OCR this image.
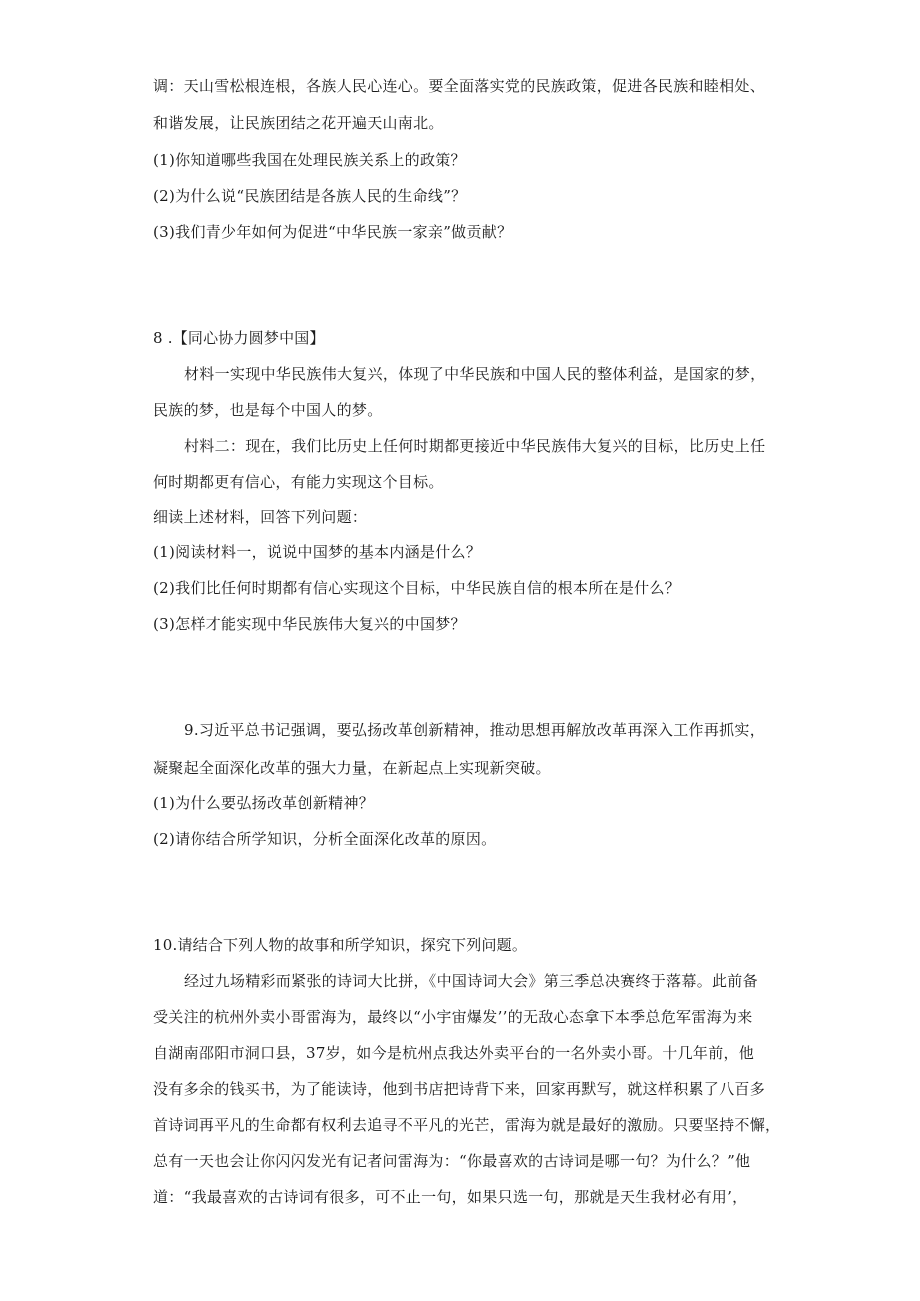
调：天山雪松根连根，各族人民心连心。要全面落实党的民族政策，促进各民族和睦相处、
和谐发展，让民族团结之花开遍天山南北。
(1)你知道哪些我国在处理民族关系上的政策？
(2)为什么说“民族团结是各族人民的生命线”？
(3)我们青少年如何为促进“中华民族一家亲”做贡献？
8 .【同心协力圆梦中国】
材料一实现中华民族伟大复兴，体现了中华民族和中国人民的整体利益，是国家的梦，
民族的梦，也是每个中国人的梦。
村料二：现在，我们比历史上任何时期都更接近中华民族伟大复兴的目标，比历史上任
何时期都更有信心，有能力实现这个目标。
细读上述材料，回答下列问题：
(1)阅读材料一，说说中国梦的基本内涵是什么？
(2)我们比任何时期都有信心实现这个目标，中华民族自信的根本所在是什么？
(3)怎样才能实现中华民族伟大复兴的中国梦？
9.习近平总书记强调，要弘扬改革创新精神，推动思想再解放改革再深入工作再抓实，
凝聚起全面深化改革的强大力量，在新起点上实现新突破。
(1)为什么要弘扬改革创新精神？
(2)请你结合所学知识，分析全面深化改革的原因。
10.请结合下列人物的故事和所学知识，探究下列问题。
经过九场精彩而紧张的诗词大比拼，《中国诗词大会》第三季总决赛终于落幕。此前备
受关注的杭州外卖小哥雷海为，最终以“小宇宙爆发’’的无敌心态拿下本季总危军雷海为来
自湖南邵阳市洞口县，37岁，如今是杭州点我达外卖平台的一名外卖小哥。十几年前，他
没有多余的钱买书，为了能读诗，他到书店把诗背下来，回家再默写，就这样积累了八百多
首诗词再平凡的生命都有权利去追寻不平凡的光芒，雷海为就是最好的激励。只要坚持不懈，
总有一天也会让你闪闪发光有记者问雷海为：“你最喜欢的古诗词是哪一句？为什么？”他
道：“我最喜欢的古诗词有很多，可不止一句，如果只选一句，那就是天生我材必有用’，
